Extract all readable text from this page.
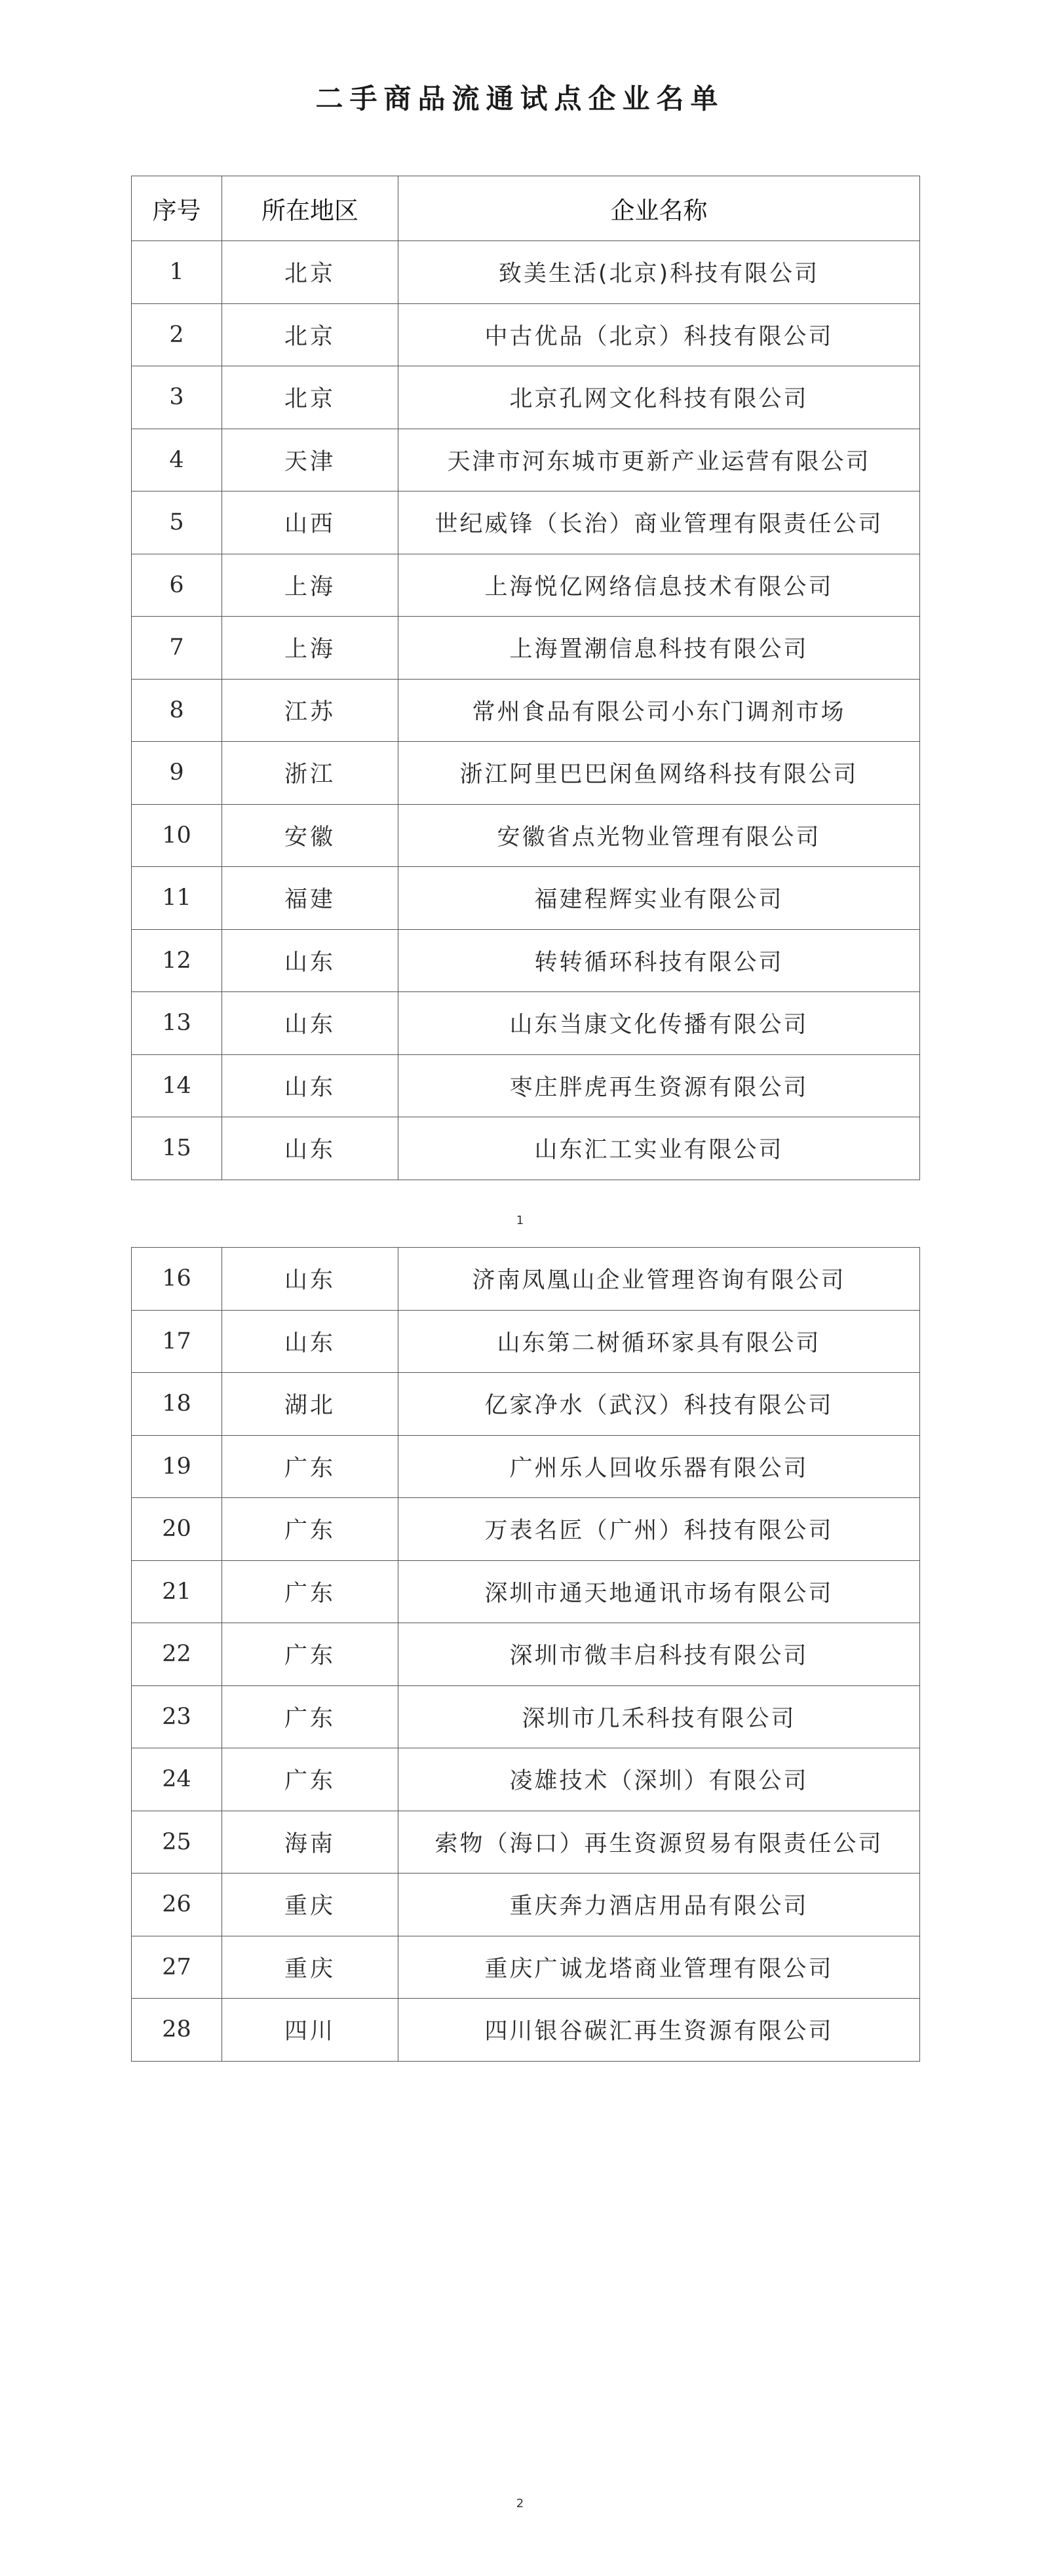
二手商品流通试点企业名单
序号	所在地区	企业名称
1	北京	致美生活(北京)科技有限公司
2	北京	中古优品（北京）科技有限公司
3	北京	北京孔网文化科技有限公司
4	天津	天津市河东城市更新产业运营有限公司
5	山西	世纪威锋（长治）商业管理有限责任公司
6	上海	上海悦亿网络信息技术有限公司
7	上海	上海置潮信息科技有限公司
8	江苏	常州食品有限公司小东门调剂市场
9	浙江	浙江阿里巴巴闲鱼网络科技有限公司
10	安徽	安徽省点光物业管理有限公司
11	福建	福建程辉实业有限公司
12	山东	转转循环科技有限公司
13	山东	山东当康文化传播有限公司
14	山东	枣庄胖虎再生资源有限公司
15	山东	山东汇工实业有限公司
1
16	山东	济南凤凰山企业管理咨询有限公司
17	山东	山东第二树循环家具有限公司
18	湖北	亿家净水（武汉）科技有限公司
19	广东	广州乐人回收乐器有限公司
20	广东	万表名匠（广州）科技有限公司
21	广东	深圳市通天地通讯市场有限公司
22	广东	深圳市微丰启科技有限公司
23	广东	深圳市几禾科技有限公司
24	广东	凌雄技术（深圳）有限公司
25	海南	索物（海口）再生资源贸易有限责任公司
26	重庆	重庆奔力酒店用品有限公司
27	重庆	重庆广诚龙塔商业管理有限公司
28	四川	四川银谷碳汇再生资源有限公司
2
